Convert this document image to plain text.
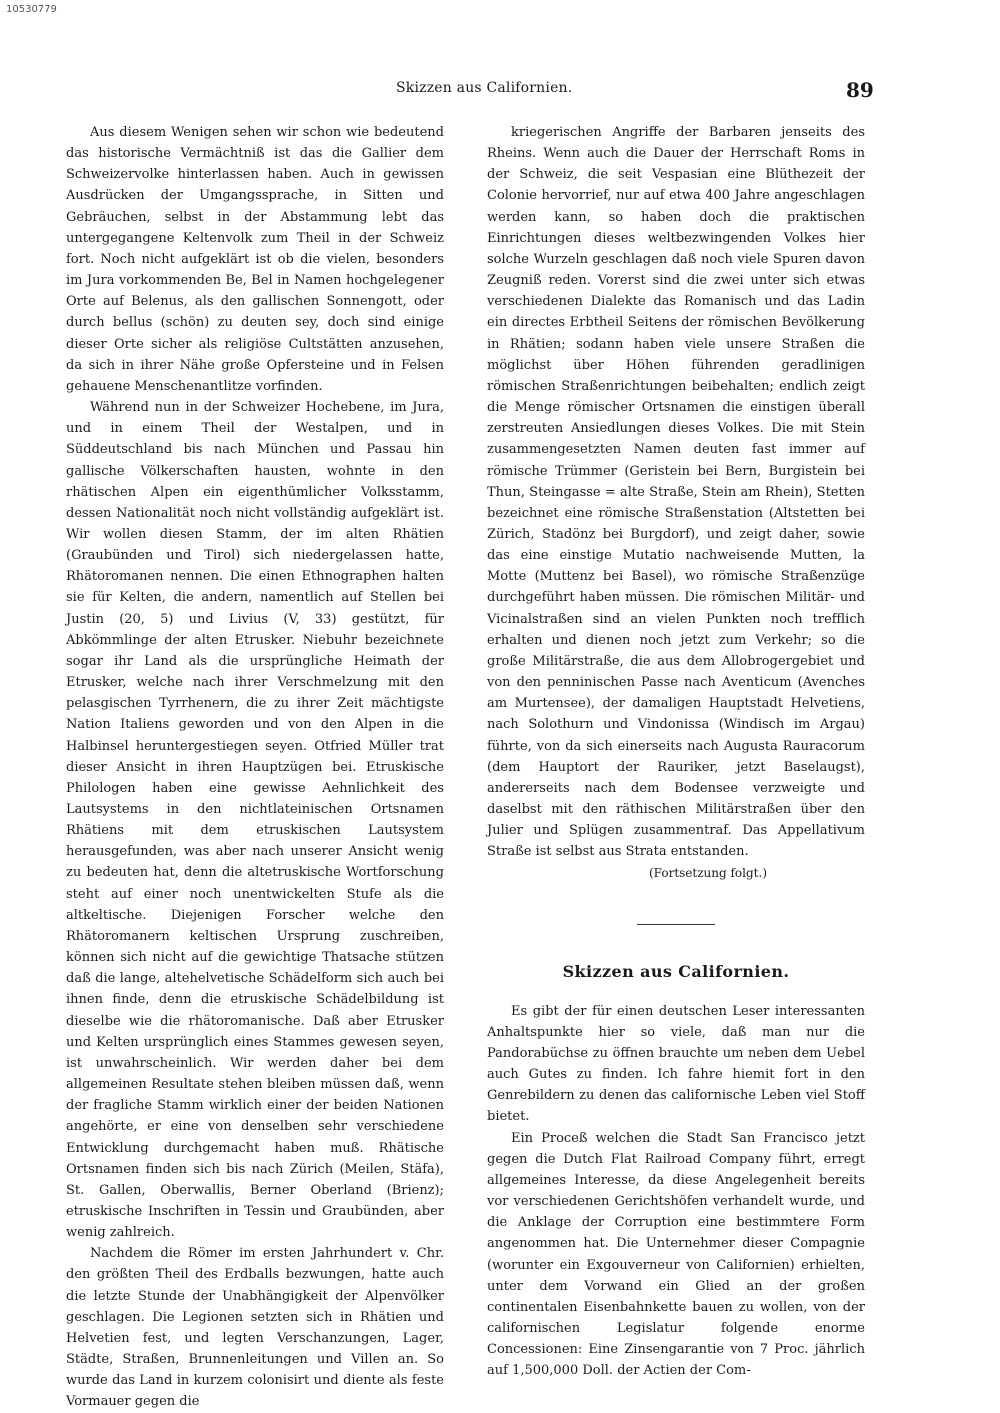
10530779
Skizzen aus Californien.	89

Aus diesem Wenigen sehen wir schon wie bedeutend das historische Vermächtniß ist das die Gallier dem Schweizervolke hinterlassen haben. Auch in gewissen Ausdrücken der Umgangssprache, in Sitten und Gebräuchen, selbst in der Abstammung lebt das untergegangene Keltenvolk zum Theil in der Schweiz fort. Noch nicht aufgeklärt ist ob die vielen, besonders im Jura vorkommenden Be, Bel in Namen hochgelegener Orte auf Belenus, als den gallischen Sonnengott, oder durch bellus (schön) zu deuten sey, doch sind einige dieser Orte sicher als religiöse Cultstätten anzusehen, da sich in ihrer Nähe große Opfersteine und in Felsen gehauene Menschenantlitze vorfinden.

Während nun in der Schweizer Hochebene, im Jura, und in einem Theil der Westalpen, und in Süddeutschland bis nach München und Passau hin gallische Völkerschaften hausten, wohnte in den rhätischen Alpen ein eigenthümlicher Volksstamm, dessen Nationalität noch nicht vollständig aufgeklärt ist. Wir wollen diesen Stamm, der im alten Rhätien (Graubünden und Tirol) sich niedergelassen hatte, Rhätoromanen nennen. Die einen Ethnographen halten sie für Kelten, die andern, namentlich auf Stellen bei Justin (20, 5) und Livius (V, 33) gestützt, für Abkömmlinge der alten Etrusker. Niebuhr bezeichnete sogar ihr Land als die ursprüngliche Heimath der Etrusker, welche nach ihrer Verschmelzung mit den pelasgischen Tyrrhenern, die zu ihrer Zeit mächtigste Nation Italiens geworden und von den Alpen in die Halbinsel heruntergestiegen seyen. Otfried Müller trat dieser Ansicht in ihren Hauptzügen bei. Etruskische Philologen haben eine gewisse Aehnlichkeit des Lautsystems in den nichtlateinischen Ortsnamen Rhätiens mit dem etruskischen Lautsystem herausgefunden, was aber nach unserer Ansicht wenig zu bedeuten hat, denn die altetruskische Wortforschung steht auf einer noch unentwickelten Stufe als die altkeltische. Diejenigen Forscher welche den Rhätoromanern keltischen Ursprung zuschreiben, können sich nicht auf die gewichtige Thatsache stützen daß die lange, altehelvetische Schädelform sich auch bei ihnen finde, denn die etruskische Schädelbildung ist dieselbe wie die rhätoromanische. Daß aber Etrusker und Kelten ursprünglich eines Stammes gewesen seyen, ist unwahrscheinlich. Wir werden daher bei dem allgemeinen Resultate stehen bleiben müssen daß, wenn der fragliche Stamm wirklich einer der beiden Nationen angehörte, er eine von denselben sehr verschiedene Entwicklung durchgemacht haben muß. Rhätische Ortsnamen finden sich bis nach Zürich (Meilen, Stäfa), St. Gallen, Oberwallis, Berner Oberland (Brienz); etruskische Inschriften in Tessin und Graubünden, aber wenig zahlreich.

Nachdem die Römer im ersten Jahrhundert v. Chr. den größten Theil des Erdballs bezwungen, hatte auch die letzte Stunde der Unabhängigkeit der Alpenvölker geschlagen. Die Legionen setzten sich in Rhätien und Helvetien fest, und legten Verschanzungen, Lager, Städte, Straßen, Brunnenleitungen und Villen an. So wurde das Land in kurzem colonisirt und diente als feste Vormauer gegen die

kriegerischen Angriffe der Barbaren jenseits des Rheins. Wenn auch die Dauer der Herrschaft Roms in der Schweiz, die seit Vespasian eine Blüthezeit der Colonie hervorrief, nur auf etwa 400 Jahre angeschlagen werden kann, so haben doch die praktischen Einrichtungen dieses weltbezwingenden Volkes hier solche Wurzeln geschlagen daß noch viele Spuren davon Zeugniß reden. Vorerst sind die zwei unter sich etwas verschiedenen Dialekte das Romanisch und das Ladin ein directes Erbtheil Seitens der römischen Bevölkerung in Rhätien; sodann haben viele unsere Straßen die möglichst über Höhen führenden geradlinigen römischen Straßenrichtungen beibehalten; endlich zeigt die Menge römischer Ortsnamen die einstigen überall zerstreuten Ansiedlungen dieses Volkes. Die mit Stein zusammengesetzten Namen deuten fast immer auf römische Trümmer (Geristein bei Bern, Burgistein bei Thun, Steingasse = alte Straße, Stein am Rhein), Stetten bezeichnet eine römische Straßenstation (Altstetten bei Zürich, Stadönz bei Burgdorf), und zeigt daher, sowie das eine einstige Mutatio nachweisende Mutten, la Motte (Muttenz bei Basel), wo römische Straßenzüge durchgeführt haben müssen. Die römischen Militär- und Vicinalstraßen sind an vielen Punkten noch trefflich erhalten und dienen noch jetzt zum Verkehr; so die große Militärstraße, die aus dem Allobrogergebiet und von den penninischen Passe nach Aventicum (Avenches am Murtensee), der damaligen Hauptstadt Helvetiens, nach Solothurn und Vindonissa (Windisch im Argau) führte, von da sich einerseits nach Augusta Rauracorum (dem Hauptort der Rauriker, jetzt Baselaugst), andererseits nach dem Bodensee verzweigte und daselbst mit den räthischen Militärstraßen über den Julier und Splügen zusammentraf. Das Appellativum Straße ist selbst aus Strata entstanden.

(Fortsetzung folgt.)

Skizzen aus Californien.

Es gibt der für einen deutschen Leser interessanten Anhaltspunkte hier so viele, daß man nur die Pandorabüchse zu öffnen brauchte um neben dem Uebel auch Gutes zu finden. Ich fahre hiemit fort in den Genrebildern zu denen das californische Leben viel Stoff bietet.

Ein Proceß welchen die Stadt San Francisco jetzt gegen die Dutch Flat Railroad Company führt, erregt allgemeines Interesse, da diese Angelegenheit bereits vor verschiedenen Gerichtshöfen verhandelt wurde, und die Anklage der Corruption eine bestimmtere Form angenommen hat. Die Unternehmer dieser Compagnie (worunter ein Exgouverneur von Californien) erhielten, unter dem Vorwand ein Glied an der großen continentalen Eisenbahnkette bauen zu wollen, von der californischen Legislatur folgende enorme Concessionen: Eine Zinsengarantie von 7 Proc. jährlich auf 1,500,000 Doll. der Actien der Com-
